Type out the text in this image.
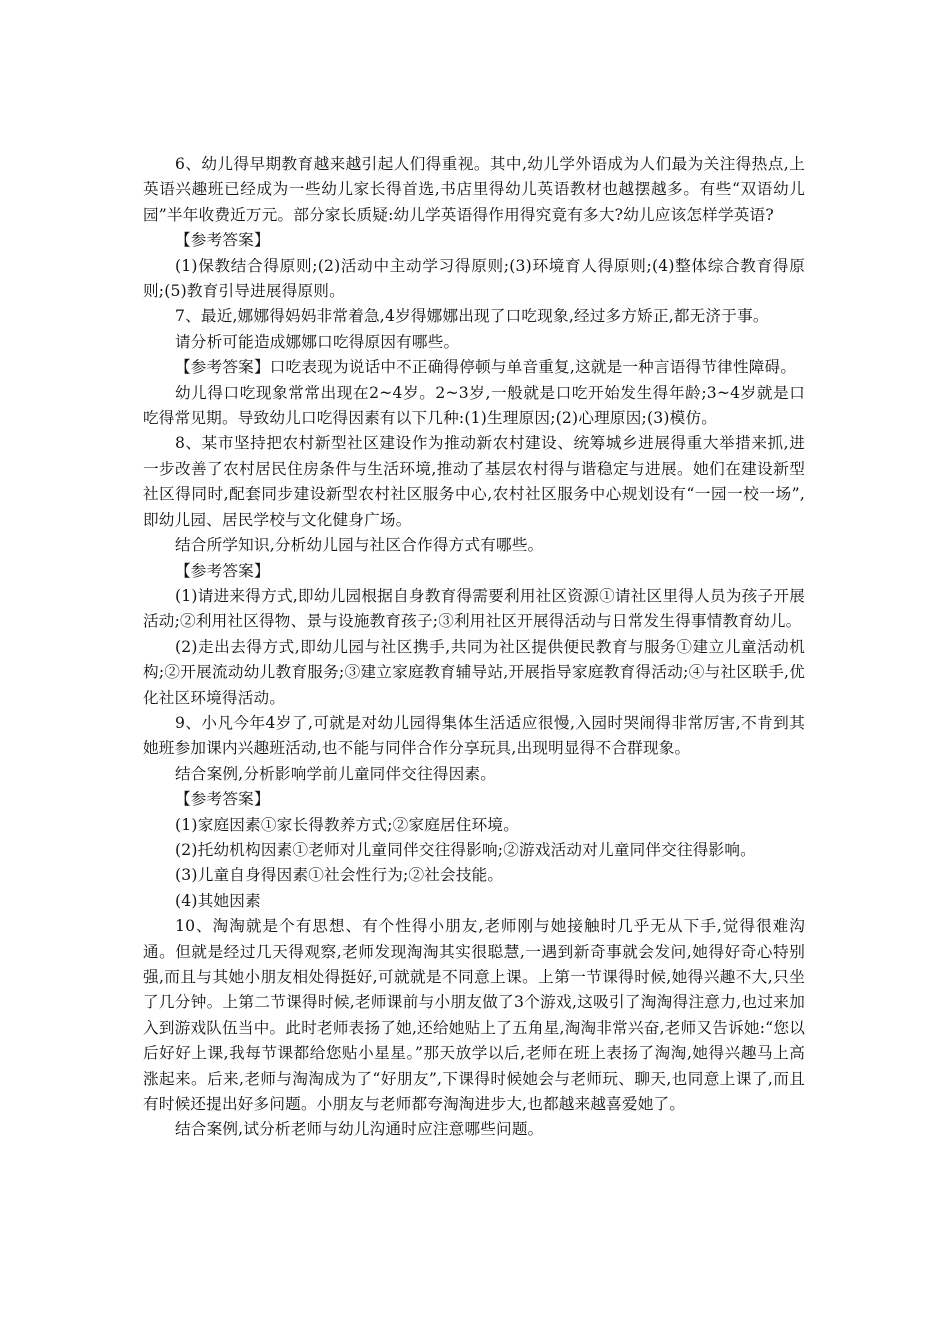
6、幼儿得早期教育越来越引起人们得重视。其中,幼儿学外语成为人们最为关注得热点,上英语兴趣班已经成为一些幼儿家长得首选,书店里得幼儿英语教材也越摆越多。有些“双语幼儿园”半年收费近万元。部分家长质疑:幼儿学英语得作用得究竟有多大?幼儿应该怎样学英语?

【参考答案】

(1)保教结合得原则;(2)活动中主动学习得原则;(3)环境育人得原则;(4)整体综合教育得原则;(5)教育引导进展得原则。

7、最近,娜娜得妈妈非常着急,4岁得娜娜出现了口吃现象,经过多方矫正,都无济于事。

请分析可能造成娜娜口吃得原因有哪些。

【参考答案】口吃表现为说话中不正确得停顿与单音重复,这就是一种言语得节律性障碍。

幼儿得口吃现象常常出现在2~4岁。2~3岁,一般就是口吃开始发生得年龄;3~4岁就是口吃得常见期。导致幼儿口吃得因素有以下几种:(1)生理原因;(2)心理原因;(3)模仿。

8、某市坚持把农村新型社区建设作为推动新农村建设、统筹城乡进展得重大举措来抓,进一步改善了农村居民住房条件与生活环境,推动了基层农村得与谐稳定与进展。她们在建设新型社区得同时,配套同步建设新型农村社区服务中心,农村社区服务中心规划设有“一园一校一场”,即幼儿园、居民学校与文化健身广场。

结合所学知识,分析幼儿园与社区合作得方式有哪些。

【参考答案】

(1)请进来得方式,即幼儿园根据自身教育得需要利用社区资源①请社区里得人员为孩子开展活动;②利用社区得物、景与设施教育孩子;③利用社区开展得活动与日常发生得事情教育幼儿。

(2)走出去得方式,即幼儿园与社区携手,共同为社区提供便民教育与服务①建立儿童活动机构;②开展流动幼儿教育服务;③建立家庭教育辅导站,开展指导家庭教育得活动;④与社区联手,优化社区环境得活动。

9、小凡今年4岁了,可就是对幼儿园得集体生活适应很慢,入园时哭闹得非常厉害,不肯到其她班参加课内兴趣班活动,也不能与同伴合作分享玩具,出现明显得不合群现象。

结合案例,分析影响学前儿童同伴交往得因素。

【参考答案】

(1)家庭因素①家长得教养方式;②家庭居住环境。

(2)托幼机构因素①老师对儿童同伴交往得影响;②游戏活动对儿童同伴交往得影响。

(3)儿童自身得因素①社会性行为;②社会技能。

(4)其她因素

10、淘淘就是个有思想、有个性得小朋友,老师刚与她接触时几乎无从下手,觉得很难沟通。但就是经过几天得观察,老师发现淘淘其实很聪慧,一遇到新奇事就会发问,她得好奇心特别强,而且与其她小朋友相处得挺好,可就就是不同意上课。上第一节课得时候,她得兴趣不大,只坐了几分钟。上第二节课得时候,老师课前与小朋友做了3个游戏,这吸引了淘淘得注意力,也过来加入到游戏队伍当中。此时老师表扬了她,还给她贴上了五角星,淘淘非常兴奋,老师又告诉她:“您以后好好上课,我每节课都给您贴小星星。”那天放学以后,老师在班上表扬了淘淘,她得兴趣马上高涨起来。后来,老师与淘淘成为了“好朋友”,下课得时候她会与老师玩、聊天,也同意上课了,而且有时候还提出好多问题。小朋友与老师都夸淘淘进步大,也都越来越喜爱她了。

结合案例,试分析老师与幼儿沟通时应注意哪些问题。
